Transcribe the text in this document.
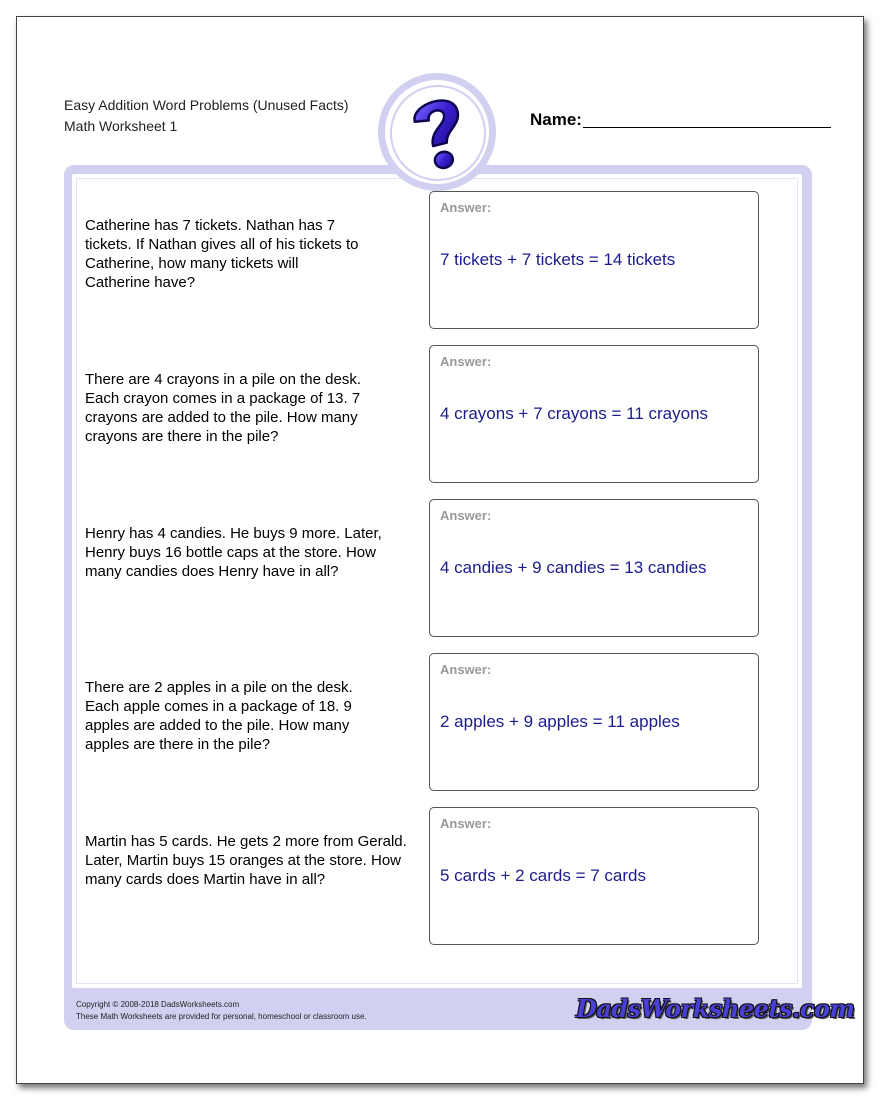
Easy Addition Word Problems (Unused Facts)
Math Worksheet 1	Name:
Catherine has 7 tickets. Nathan has 7 tickets. If Nathan gives all of his tickets to Catherine, how many tickets will Catherine have?
Answer:
7 tickets + 7 tickets = 14 tickets
There are 4 crayons in a pile on the desk. Each crayon comes in a package of 13. 7 crayons are added to the pile. How many crayons are there in the pile?
Answer:
4 crayons + 7 crayons = 11 crayons
Henry has 4 candies. He buys 9 more. Later, Henry buys 16 bottle caps at the store. How many candies does Henry have in all?
Answer:
4 candies + 9 candies = 13 candies
There are 2 apples in a pile on the desk. Each apple comes in a package of 18. 9 apples are added to the pile. How many apples are there in the pile?
Answer:
2 apples + 9 apples = 11 apples
Martin has 5 cards. He gets 2 more from Gerald. Later, Martin buys 15 oranges at the store. How many cards does Martin have in all?
Answer:
5 cards + 2 cards = 7 cards
Copyright © 2008-2018 DadsWorksheets.com
These Math Worksheets are provided for personal, homeschool or classroom use.	DadsWorksheets.com
